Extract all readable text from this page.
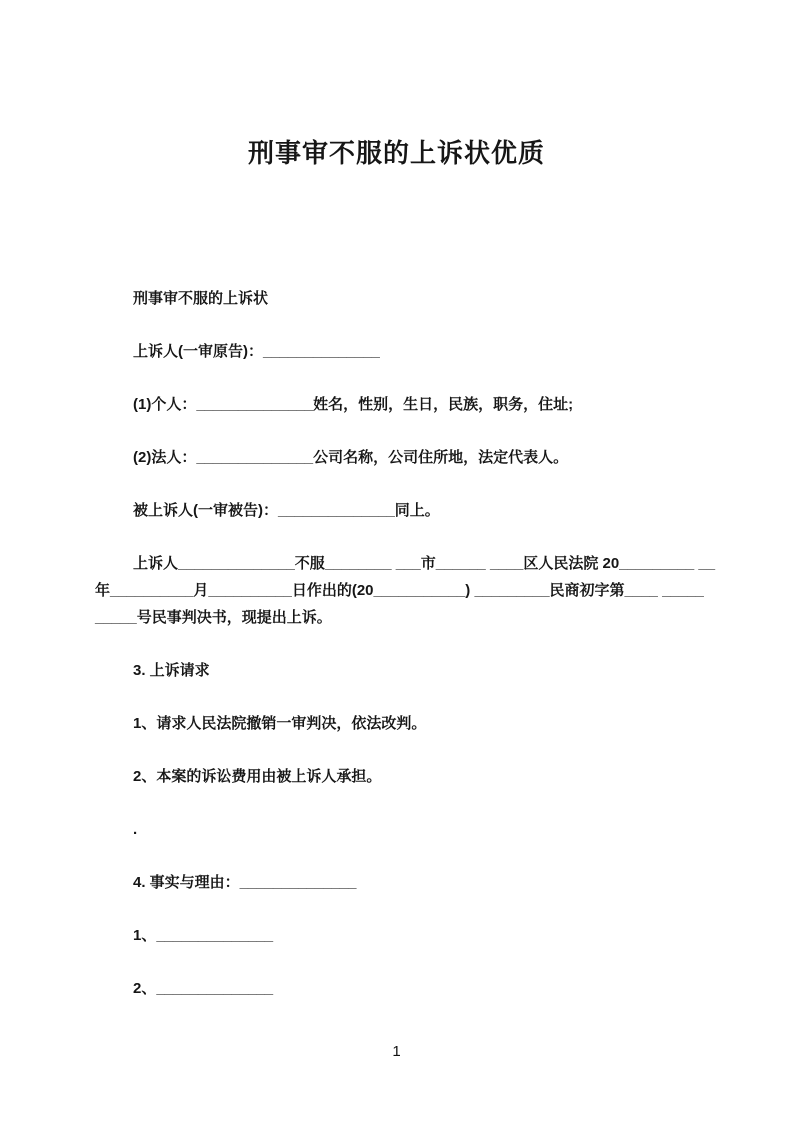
刑事审不服的上诉状优质
刑事审不服的上诉状
上诉人(一审原告)：______________
(1)个人：______________姓名，性别，生日，民族，职务，住址;
(2)法人：______________公司名称，公司住所地，法定代表人。
被上诉人(一审被告)：______________同上。
上诉人______________不服________ ___市______ ____区人民法院 20_________ __
年__________月__________日作出的(20___________) _________民商初字第____ _____
_____号民事判决书，现提出上诉。
3. 上诉请求
1、请求人民法院撤销一审判决，依法改判。
2、本案的诉讼费用由被上诉人承担。
.
4. 事实与理由：______________
1、______________
2、______________
1
